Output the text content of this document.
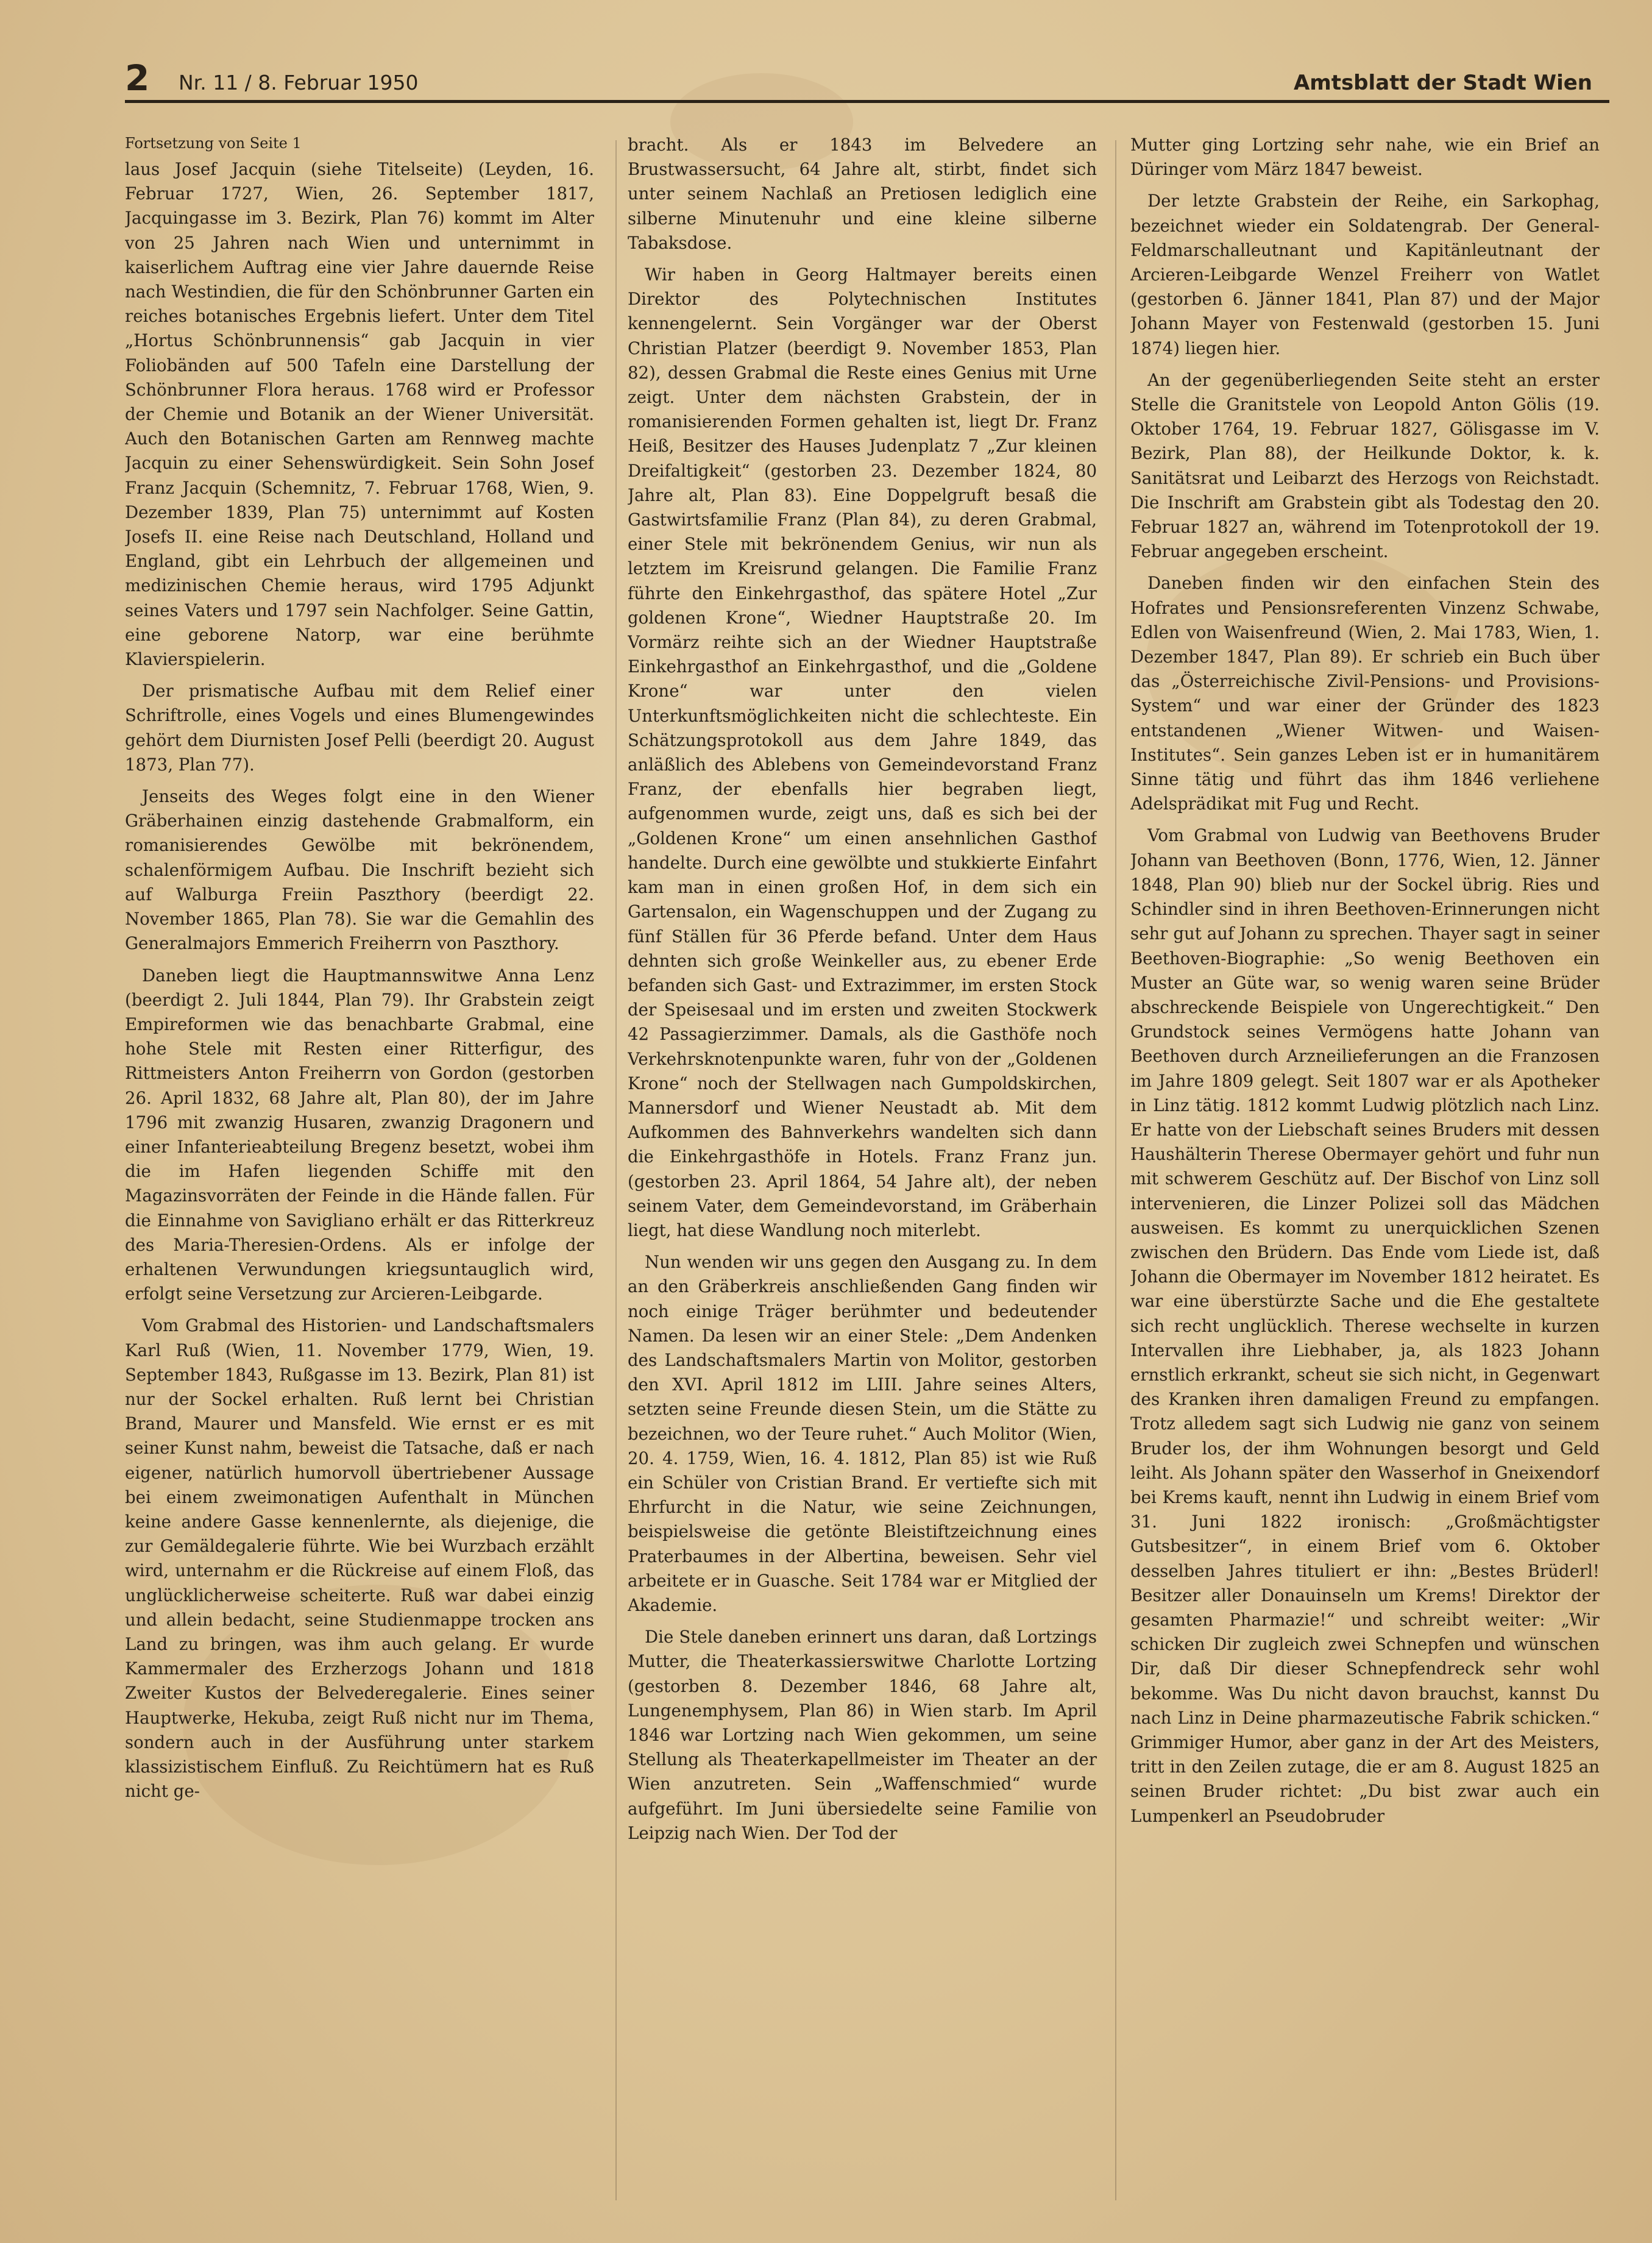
2 Nr. 11 / 8. Februar 1950	Amtsblatt der Stadt Wien
Fortsetzung von Seite 1

laus Josef Jacquin (siehe Titelseite) (Leyden, 16. Februar 1727, Wien, 26. September 1817, Jacquingasse im 3. Bezirk, Plan 76) kommt im Alter von 25 Jahren nach Wien und unternimmt in kaiserlichem Auftrag eine vier Jahre dauernde Reise nach Westindien, die für den Schönbrunner Garten ein reiches botanisches Ergebnis liefert. Unter dem Titel „Hortus Schönbrunnensis“ gab Jacquin in vier Foliobänden auf 500 Tafeln eine Darstellung der Schönbrunner Flora heraus. 1768 wird er Professor der Chemie und Botanik an der Wiener Universität. Auch den Botanischen Garten am Rennweg machte Jacquin zu einer Sehenswürdigkeit. Sein Sohn Josef Franz Jacquin (Schemnitz, 7. Februar 1768, Wien, 9. Dezember 1839, Plan 75) unternimmt auf Kosten Josefs II. eine Reise nach Deutschland, Holland und England, gibt ein Lehrbuch der allgemeinen und medizinischen Chemie heraus, wird 1795 Adjunkt seines Vaters und 1797 sein Nachfolger. Seine Gattin, eine geborene Natorp, war eine berühmte Klavierspielerin.

Der prismatische Aufbau mit dem Relief einer Schriftrolle, eines Vogels und eines Blumengewindes gehört dem Diurnisten Josef Pelli (beerdigt 20. August 1873, Plan 77).

Jenseits des Weges folgt eine in den Wiener Gräberhainen einzig dastehende Grabmalform, ein romanisierendes Gewölbe mit bekrönendem, schalenförmigem Aufbau. Die Inschrift bezieht sich auf Walburga Freiin Paszthory (beerdigt 22. November 1865, Plan 78). Sie war die Gemahlin des Generalmajors Emmerich Freiherrn von Paszthory.

Daneben liegt die Hauptmannswitwe Anna Lenz (beerdigt 2. Juli 1844, Plan 79). Ihr Grabstein zeigt Empireformen wie das benachbarte Grabmal, eine hohe Stele mit Resten einer Ritterfigur, des Rittmeisters Anton Freiherrn von Gordon (gestorben 26. April 1832, 68 Jahre alt, Plan 80), der im Jahre 1796 mit zwanzig Husaren, zwanzig Dragonern und einer Infanterieabteilung Bregenz besetzt, wobei ihm die im Hafen liegenden Schiffe mit den Magazinsvorräten der Feinde in die Hände fallen. Für die Einnahme von Savigliano erhält er das Ritterkreuz des Maria-Theresien-Ordens. Als er infolge der erhaltenen Verwundungen kriegsuntauglich wird, erfolgt seine Versetzung zur Arcieren-Leibgarde.

Vom Grabmal des Historien- und Landschaftsmalers Karl Ruß (Wien, 11. November 1779, Wien, 19. September 1843, Rußgasse im 13. Bezirk, Plan 81) ist nur der Sockel erhalten. Ruß lernt bei Christian Brand, Maurer und Mansfeld. Wie ernst er es mit seiner Kunst nahm, beweist die Tatsache, daß er nach eigener, natürlich humorvoll übertriebener Aussage bei einem zweimonatigen Aufenthalt in München keine andere Gasse kennenlernte, als diejenige, die zur Gemäldegalerie führte. Wie bei Wurzbach erzählt wird, unternahm er die Rückreise auf einem Floß, das unglücklicherweise scheiterte. Ruß war dabei einzig und allein bedacht, seine Studienmappe trocken ans Land zu bringen, was ihm auch gelang. Er wurde Kammermaler des Erzherzogs Johann und 1818 Zweiter Kustos der Belvederegalerie. Eines seiner Hauptwerke, Hekuba, zeigt Ruß nicht nur im Thema, sondern auch in der Ausführung unter starkem klassizistischem Einfluß. Zu Reichtümern hat es Ruß nicht ge-

bracht. Als er 1843 im Belvedere an Brustwassersucht, 64 Jahre alt, stirbt, findet sich unter seinem Nachlaß an Pretiosen lediglich eine silberne Minutenuhr und eine kleine silberne Tabaksdose.

Wir haben in Georg Haltmayer bereits einen Direktor des Polytechnischen Institutes kennengelernt. Sein Vorgänger war der Oberst Christian Platzer (beerdigt 9. November 1853, Plan 82), dessen Grabmal die Reste eines Genius mit Urne zeigt. Unter dem nächsten Grabstein, der in romanisierenden Formen gehalten ist, liegt Dr. Franz Heiß, Besitzer des Hauses Judenplatz 7 „Zur kleinen Dreifaltigkeit“ (gestorben 23. Dezember 1824, 80 Jahre alt, Plan 83). Eine Doppelgruft besaß die Gastwirtsfamilie Franz (Plan 84), zu deren Grabmal, einer Stele mit bekrönendem Genius, wir nun als letztem im Kreisrund gelangen. Die Familie Franz führte den Einkehrgasthof, das spätere Hotel „Zur goldenen Krone“, Wiedner Hauptstraße 20. Im Vormärz reihte sich an der Wiedner Hauptstraße Einkehrgasthof an Einkehrgasthof, und die „Goldene Krone“ war unter den vielen Unterkunftsmöglichkeiten nicht die schlechteste. Ein Schätzungsprotokoll aus dem Jahre 1849, das anläßlich des Ablebens von Gemeindevorstand Franz Franz, der ebenfalls hier begraben liegt, aufgenommen wurde, zeigt uns, daß es sich bei der „Goldenen Krone“ um einen ansehnlichen Gasthof handelte. Durch eine gewölbte und stukkierte Einfahrt kam man in einen großen Hof, in dem sich ein Gartensalon, ein Wagenschuppen und der Zugang zu fünf Ställen für 36 Pferde befand. Unter dem Haus dehnten sich große Weinkeller aus, zu ebener Erde befanden sich Gast- und Extrazimmer, im ersten Stock der Speisesaal und im ersten und zweiten Stockwerk 42 Passagierzimmer. Damals, als die Gasthöfe noch Verkehrsknotenpunkte waren, fuhr von der „Goldenen Krone“ noch der Stellwagen nach Gumpoldskirchen, Mannersdorf und Wiener Neustadt ab. Mit dem Aufkommen des Bahnverkehrs wandelten sich dann die Einkehrgasthöfe in Hotels. Franz Franz jun. (gestorben 23. April 1864, 54 Jahre alt), der neben seinem Vater, dem Gemeindevorstand, im Gräberhain liegt, hat diese Wandlung noch miterlebt.

Nun wenden wir uns gegen den Ausgang zu. In dem an den Gräberkreis anschließenden Gang finden wir noch einige Träger berühmter und bedeutender Namen. Da lesen wir an einer Stele: „Dem Andenken des Landschaftsmalers Martin von Molitor, gestorben den XVI. April 1812 im LIII. Jahre seines Alters, setzten seine Freunde diesen Stein, um die Stätte zu bezeichnen, wo der Teure ruhet.“ Auch Molitor (Wien, 20. 4. 1759, Wien, 16. 4. 1812, Plan 85) ist wie Ruß ein Schüler von Cristian Brand. Er vertiefte sich mit Ehrfurcht in die Natur, wie seine Zeichnungen, beispielsweise die getönte Bleistiftzeichnung eines Praterbaumes in der Albertina, beweisen. Sehr viel arbeitete er in Guasche. Seit 1784 war er Mitglied der Akademie.

Die Stele daneben erinnert uns daran, daß Lortzings Mutter, die Theaterkassierswitwe Charlotte Lortzing (gestorben 8. Dezember 1846, 68 Jahre alt, Lungenemphysem, Plan 86) in Wien starb. Im April 1846 war Lortzing nach Wien gekommen, um seine Stellung als Theaterkapellmeister im Theater an der Wien anzutreten. Sein „Waffenschmied“ wurde aufgeführt. Im Juni übersiedelte seine Familie von Leipzig nach Wien. Der Tod der

Mutter ging Lortzing sehr nahe, wie ein Brief an Düringer vom März 1847 beweist.

Der letzte Grabstein der Reihe, ein Sarkophag, bezeichnet wieder ein Soldatengrab. Der General-Feldmarschalleutnant und Kapitänleutnant der Arcieren-Leibgarde Wenzel Freiherr von Watlet (gestorben 6. Jänner 1841, Plan 87) und der Major Johann Mayer von Festenwald (gestorben 15. Juni 1874) liegen hier.

An der gegenüberliegenden Seite steht an erster Stelle die Granitstele von Leopold Anton Gölis (19. Oktober 1764, 19. Februar 1827, Gölisgasse im V. Bezirk, Plan 88), der Heilkunde Doktor, k. k. Sanitätsrat und Leibarzt des Herzogs von Reichstadt. Die Inschrift am Grabstein gibt als Todestag den 20. Februar 1827 an, während im Totenprotokoll der 19. Februar angegeben erscheint.

Daneben finden wir den einfachen Stein des Hofrates und Pensionsreferenten Vinzenz Schwabe, Edlen von Waisenfreund (Wien, 2. Mai 1783, Wien, 1. Dezember 1847, Plan 89). Er schrieb ein Buch über das „Österreichische Zivil-Pensions- und Provisions-System“ und war einer der Gründer des 1823 entstandenen „Wiener Witwen- und Waisen-Institutes“. Sein ganzes Leben ist er in humanitärem Sinne tätig und führt das ihm 1846 verliehene Adelsprädikat mit Fug und Recht.

Vom Grabmal von Ludwig van Beethovens Bruder Johann van Beethoven (Bonn, 1776, Wien, 12. Jänner 1848, Plan 90) blieb nur der Sockel übrig. Ries und Schindler sind in ihren Beethoven-Erinnerungen nicht sehr gut auf Johann zu sprechen. Thayer sagt in seiner Beethoven-Biographie: „So wenig Beethoven ein Muster an Güte war, so wenig waren seine Brüder abschreckende Beispiele von Ungerechtigkeit.“ Den Grundstock seines Vermögens hatte Johann van Beethoven durch Arzneilieferungen an die Franzosen im Jahre 1809 gelegt. Seit 1807 war er als Apotheker in Linz tätig. 1812 kommt Ludwig plötzlich nach Linz. Er hatte von der Liebschaft seines Bruders mit dessen Haushälterin Therese Obermayer gehört und fuhr nun mit schwerem Geschütz auf. Der Bischof von Linz soll intervenieren, die Linzer Polizei soll das Mädchen ausweisen. Es kommt zu unerquicklichen Szenen zwischen den Brüdern. Das Ende vom Liede ist, daß Johann die Obermayer im November 1812 heiratet. Es war eine überstürzte Sache und die Ehe gestaltete sich recht unglücklich. Therese wechselte in kurzen Intervallen ihre Liebhaber, ja, als 1823 Johann ernstlich erkrankt, scheut sie sich nicht, in Gegenwart des Kranken ihren damaligen Freund zu empfangen. Trotz alledem sagt sich Ludwig nie ganz von seinem Bruder los, der ihm Wohnungen besorgt und Geld leiht. Als Johann später den Wasserhof in Gneixendorf bei Krems kauft, nennt ihn Ludwig in einem Brief vom 31. Juni 1822 ironisch: „Großmächtigster Gutsbesitzer“, in einem Brief vom 6. Oktober desselben Jahres tituliert er ihn: „Bestes Brüderl! Besitzer aller Donauinseln um Krems! Direktor der gesamten Pharmazie!“ und schreibt weiter: „Wir schicken Dir zugleich zwei Schnepfen und wünschen Dir, daß Dir dieser Schnepfendreck sehr wohl bekomme. Was Du nicht davon brauchst, kannst Du nach Linz in Deine pharmazeutische Fabrik schicken.“ Grimmiger Humor, aber ganz in der Art des Meisters, tritt in den Zeilen zutage, die er am 8. August 1825 an seinen Bruder richtet: „Du bist zwar auch ein Lumpenkerl an Pseudobruder
